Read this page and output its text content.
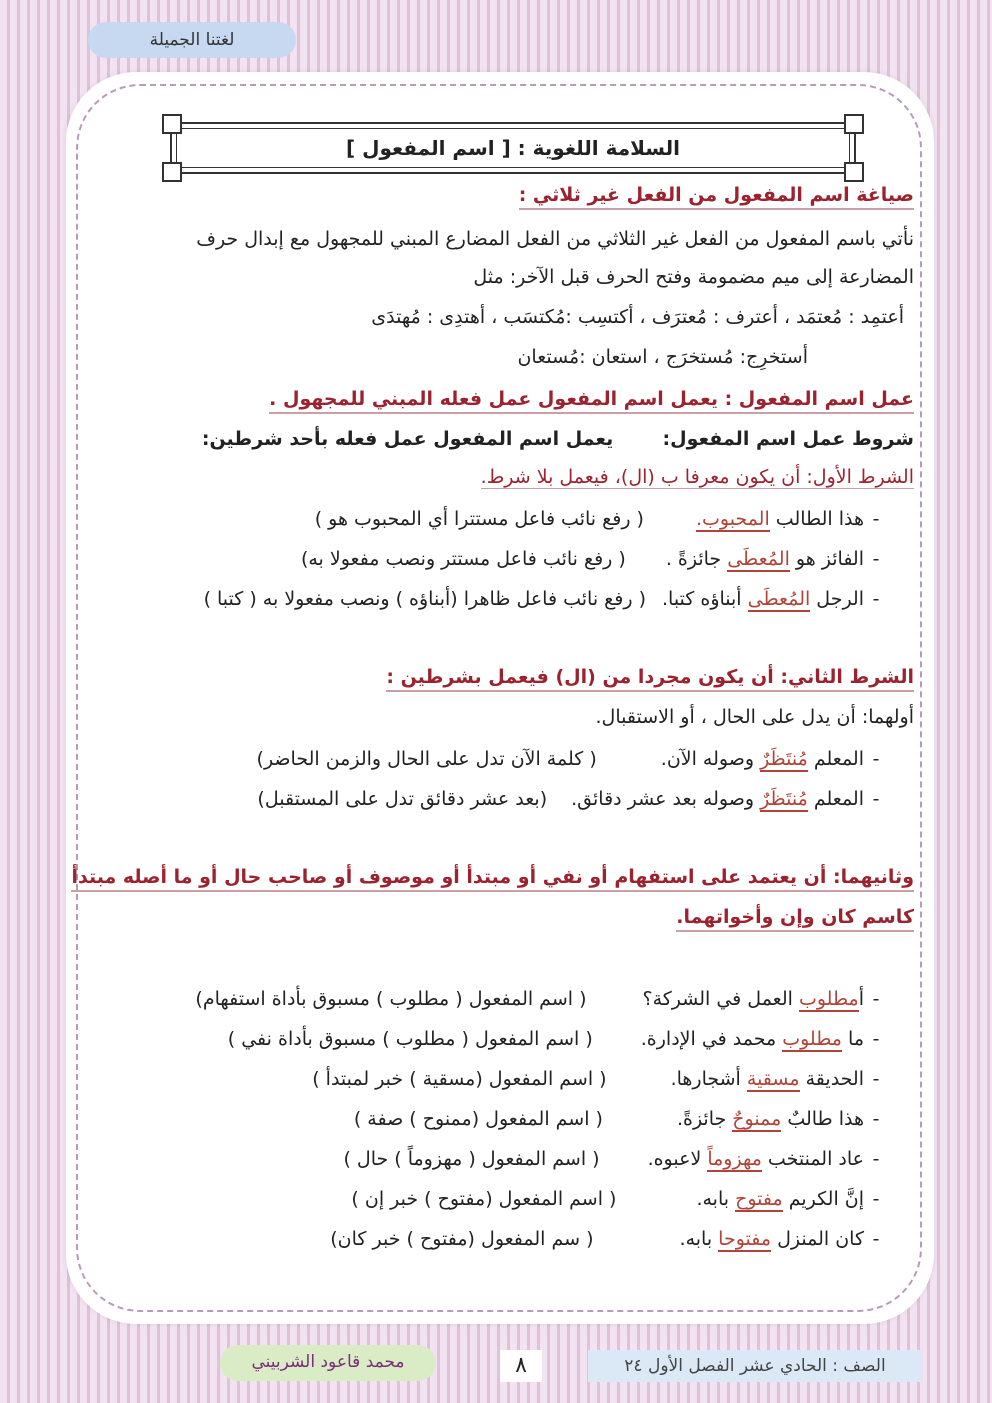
لغتنا الجميلة
السلامة اللغوية : [ اسم المفعول ]
صياغة اسم المفعول من الفعل غير ثلاثي :
نأتي باسم المفعول من الفعل غير الثلاثي من الفعل المضارع المبني للمجهول مع إبدال حرف
المضارعة إلى ميم مضمومة وفتح الحرف قبل الآخر: مثل
أعتمِد : مُعتمَد ، أعترف : مُعترَف ، أكتسِب :مُكتسَب ، أهتدِى : مُهتدَى
أستخرِج: مُستخرَج ، استعان :مُستعان
عمل اسم المفعول : يعمل اسم المفعول عمل فعله المبني للمجهول .
شروط عمل اسم المفعول:  يعمل اسم المفعول عمل فعله بأحد شرطين:
الشرط الأول: أن يكون معرفا ب (ال)، فيعمل بلا شرط.
-هذا الطالب المحبوب.( رفع نائب فاعل مستترا أي المحبوب هو )
-الفائز هو المُعطَى جائزةً .( رفع نائب فاعل مستتر ونصب مفعولا به)
-الرجل المُعطَى أبناؤه كتبا.( رفع نائب فاعل ظاهرا (أبناؤه ) ونصب مفعولا به ( كتبا )
الشرط الثاني: أن يكون مجردا من (ال) فيعمل بشرطين :
أولهما: أن يدل على الحال ، أو الاستقبال.
-المعلم مُنتَظَرٌ وصوله الآن.( كلمة الآن تدل على الحال والزمن الحاضر)
-المعلم مُنتَظَرٌ وصوله بعد عشر دقائق.(بعد عشر دقائق تدل على المستقبل)
وثانيهما: أن يعتمد على استفهام أو نفي أو مبتدأ أو موصوف أو صاحب حال أو ما أصله مبتدأ
كاسم كان وإن وأخواتهما.
-أمطلوب العمل في الشركة؟( اسم المفعول ( مطلوب ) مسبوق بأداة استفهام)
-ما مطلوب محمد في الإدارة.( اسم المفعول ( مطلوب ) مسبوق بأداة نفي )
-الحديقة مسقية أشجارها.( اسم المفعول (مسقية ) خبر لمبتدأ )
-هذا طالبٌ ممنوحٌ جائزةً.( اسم المفعول (ممنوح ) صفة )
-عاد المنتخب مهزوماً لاعبوه.( اسم المفعول ( مهزوماً ) حال )
-إنَّ الكريم مفتوح بابه.( اسم المفعول (مفتوح ) خبر إن )
-كان المنزل مفتوحا بابه.( سم المفعول (مفتوح ) خبر كان)
محمد قاعود الشربيني	٨	الصف : الحادي عشر الفصل الأول ٢٤
